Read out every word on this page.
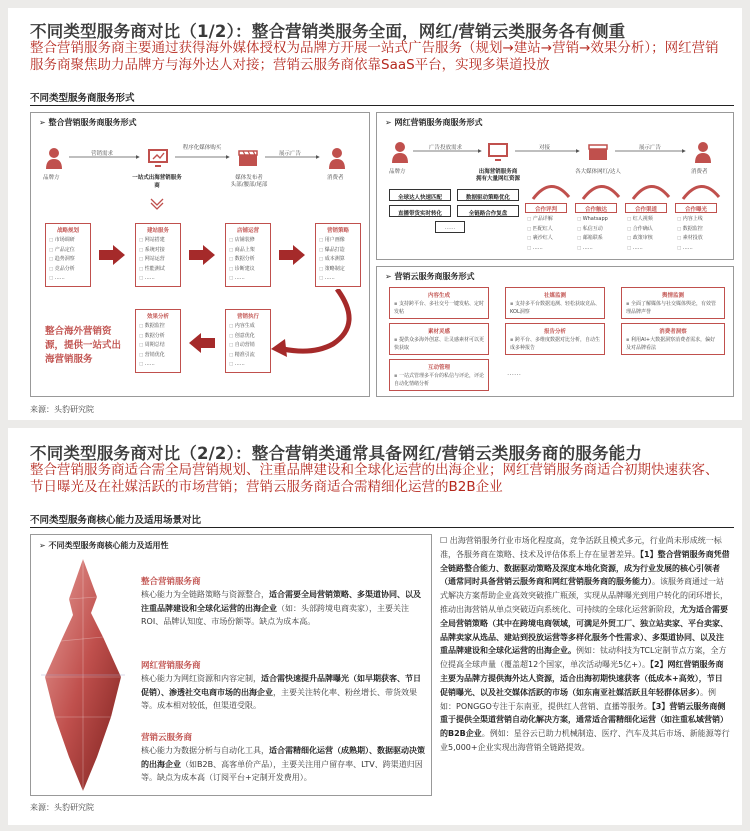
不同类型服务商对比（1/2）：整合营销类服务全面，网红/营销云类服务各有侧重
整合营销服务商主要通过获得海外媒体授权为品牌方开展一站式广告服务（规划→建站→营销→效果分析）；网红营销服务商聚焦助力品牌方与海外达人对接；营销云服务商依靠SaaS平台，实现多渠道投放
不同类型服务商服务形式
➢ 整合营销服务商服务形式
营销需求
程序化媒体购买
展示广告
品牌方	一站式出海营销服务商
媒体发布者
头部/腰部/尾部
消费者
战略规划
□ 市场调研
□ 产品定位
□ 趋势洞察
□ 竞品分析
□ ……
建站服务
□ 网站搭建
□ 系统对接
□ 网站运营
□ 性能测试
□ ……
店铺运营
□ 店铺装修
□ 商品上架
□ 数据分析
□ 诊断建议
□ ……
营销策略
□ 用户画像
□ 爆品打造
□ 成本测算
□ 策略制定
□ ……
效果分析
□ 数据监控
□ 数据分析
□ 周期总结
□ 营销优化
□ ……
营销执行
□ 内容生成
□ 创意优化
□ 自动营销
□ 精准引流
□ ……
整合海外营销资源，提供一站式出海营销服务
➢ 网红营销服务商服务形式
广告投放需求	对接	展示广告
品牌方	出海营销服务商
拥有大量网红资源
各大媒体网红/达人	消费者
全球达人快速匹配	数据驱动策略优化
直播带货实时转化	全链路合作复盘
……
合作评判
□ 产品详解
□ 匹配红人
□ 裹沙红人
□ ……
合作触达
□ Whatsapp
□ 私信互动
□ 邮箱联系
□ ……
合作渠道
□ 红人视频
□ 合作确认
□ 政策审核
□ ……
合作曝光
□ 内容上线
□ 数据监控
□ 素材投放
□ ……
➢ 营销云服务商服务形式
内容生成

▪ 支持跨平台、多社交号一键发帖、定时发帖

社媒监测

▪ 支持多平台数据追测、轻松获取竞品、KOL洞察

舆情监测

▪ 全面了解媒体与社交媒体舆论，有效管理品牌声誉

素材灵感

▪ 提供众多海外创意、让灵感素材可以更快获取

报告分析

▪ 跨平台、多维度数据对比分析，自动生成多种报告

消费者洞察

▪ 利用AI+大数据洞察消费者需求，偏好及对品牌看法

互动管理

▪ 一站式管理多平台的私信与评论，评论自动化情绪分析

……
来源：头豹研究院
不同类型服务商对比（2/2）：整合营销类通常具备网红/营销云类服务商的服务能力
整合营销服务商适合需全局营销规划、注重品牌建设和全球化运营的出海企业；网红营销服务商适合初期快速获客、节日曝光及在社媒活跃的市场营销；营销云服务商适合需精细化运营的B2B企业
不同类型服务商核心能力及适用场景对比
➢ 不同类型服务商核心能力及适用性
整合营销服务商
核心能力为全链路策略与资源整合，适合需要全局营销策略、多渠道协同、以及注重品牌建设和全球化运营的出海企业（如：头部跨境电商卖家），主要关注ROI、品牌认知度、市场份额等。缺点为成本高。
网红营销服务商
核心能力为网红资源和内容定制，适合需快速提升品牌曝光（如早期获客、节日促销）、渗透社交电商市场的出海企业，主要关注转化率、粉丝增长、带货效果等。成本相对较低，但渠道受限。
营销云服务商
核心能力为数据分析与自动化工具，适合需精细化运营（成熟期）、数据驱动决策的出海企业（如B2B、高客单价产品），主要关注用户留存率、LTV、跨渠道归因等。缺点为成本高（订阅平台+定制开发费用）。
☐ 出海营销服务行业市场化程度高，竞争活跃且模式多元，行业尚未形成统一标准，各服务商在策略、技术及评估体系上存在显著差异。【1】整合营销服务商凭借全链路整合能力、数据驱动策略及深度本地化资源，成为行业发展的核心引领者（通常同时具备营销云服务商和网红营销服务商的服务能力）。该服务商通过一站式解决方案帮助企业高效突破推广瓶颈，实现从品牌曝光到用户转化的闭环增长，推动出海营销从单点突破迈向系统化、可持续的全球化运营新阶段，尤为适合需要全局营销策略（其中在跨境电商领域，可满足外贸工厂、独立站卖家、平台卖家、品牌卖家从选品、建站到投放运营等多样化服务个性需求）、多渠道协同、以及注重品牌建设和全球化运营的出海企业。例如：钛动科技为TCL定制节点方案，全方位提高全球声量（覆盖超12个国家，单次活动曝光5亿+）。【2】网红营销服务商主要为品牌方提供海外达人资源，适合出海初期快速获客（低成本+高效），节日促销曝光、以及社交媒体活跃的市场（如东南亚社媒活跃且年轻群体居多）。例如：PONGGO专注于东南亚，提供红人营销、直播等服务。【3】营销云服务商侧重于提供全渠道营销自动化解决方案，通常适合需精细化运营（如注重私域营销）的B2B企业。例如：星谷云已助力机械制造、医疗、汽车及其后市场、新能源等行业5,000+企业实现出海营销全链路提效。
来源：头豹研究院
